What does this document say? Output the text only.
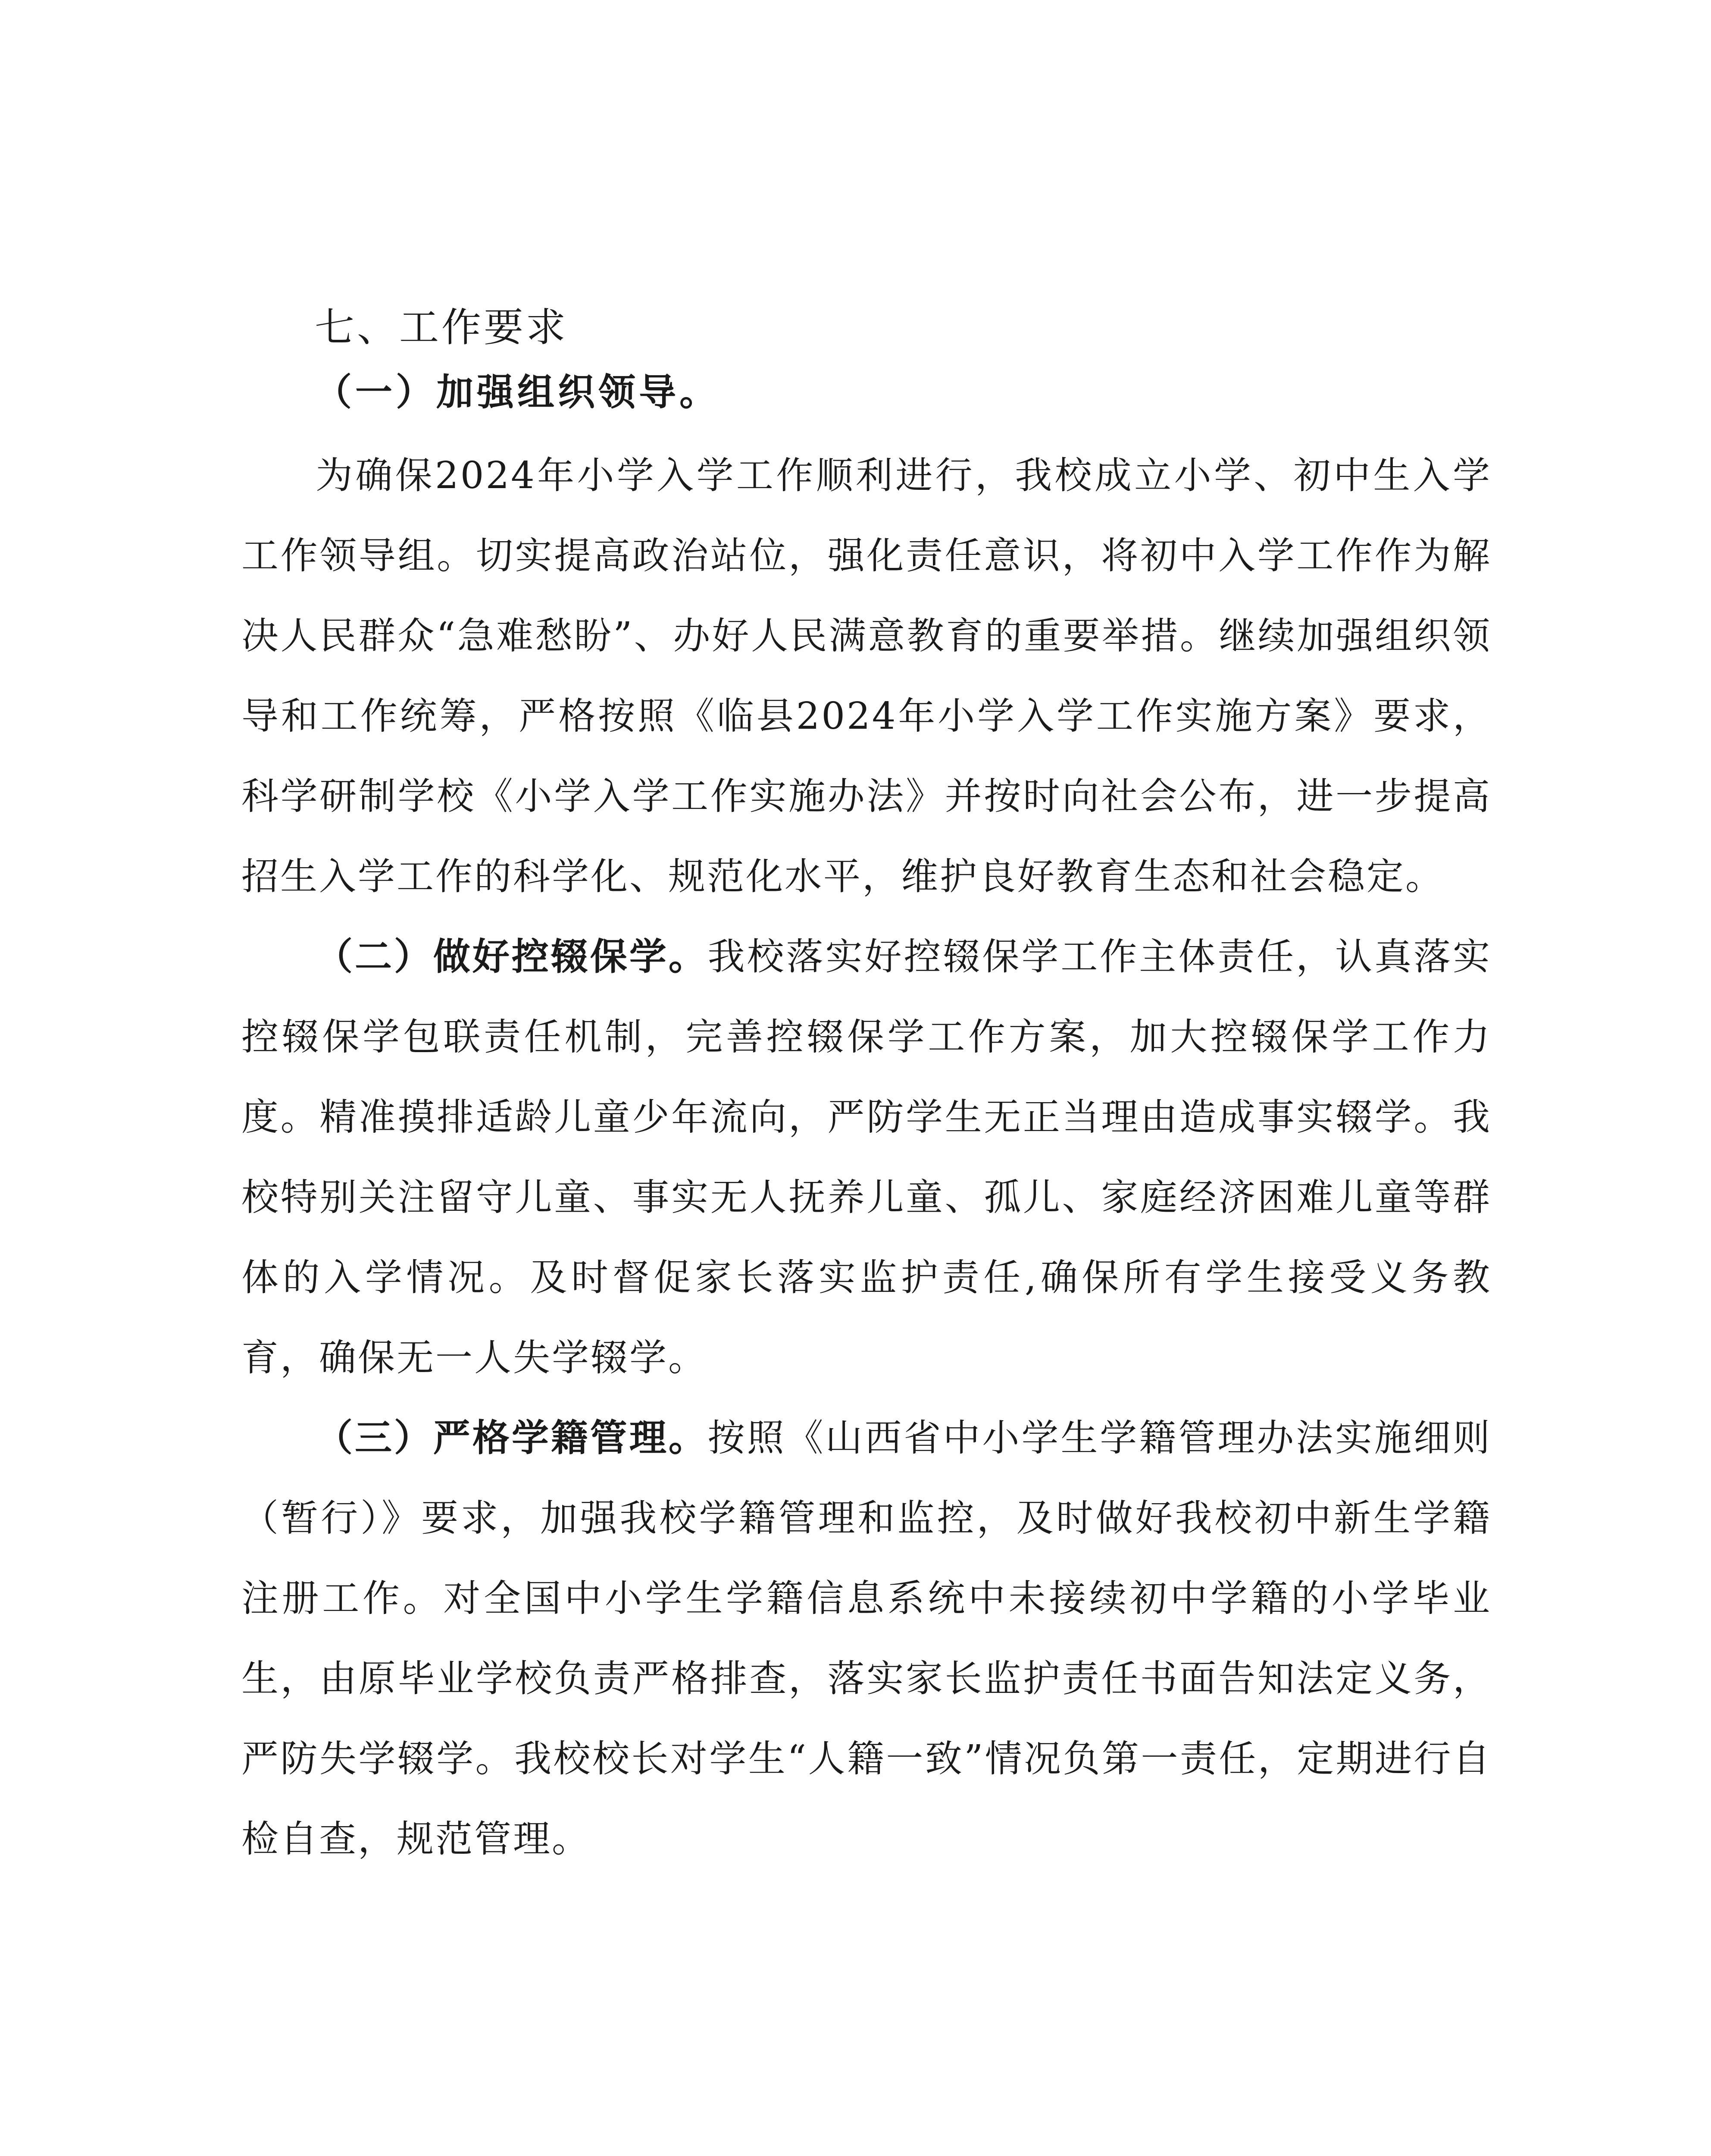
七、工作要求
（一）加强组织领导。

为确保2024年小学入学工作顺利进行，我校成立小学、初中生入学工作领导组。切实提高政治站位，强化责任意识，将初中入学工作作为解决人民群众“急难愁盼”、办好人民满意教育的重要举措。继续加强组织领导和工作统筹，严格按照《临县2024年小学入学工作实施方案》要求，科学研制学校《小学入学工作实施办法》并按时向社会公布，进一步提高招生入学工作的科学化、规范化水平，维护良好教育生态和社会稳定。

（二）做好控辍保学。我校落实好控辍保学工作主体责任，认真落实控辍保学包联责任机制，完善控辍保学工作方案，加大控辍保学工作力度。精准摸排适龄儿童少年流向，严防学生无正当理由造成事实辍学。我校特别关注留守儿童、事实无人抚养儿童、孤儿、家庭经济困难儿童等群体的入学情况。及时督促家长落实监护责任,确保所有学生接受义务教育，确保无一人失学辍学。

（三）严格学籍管理。按照《山西省中小学生学籍管理办法实施细则（暂行）》要求，加强我校学籍管理和监控，及时做好我校初中新生学籍注册工作。对全国中小学生学籍信息系统中未接续初中学籍的小学毕业生，由原毕业学校负责严格排查，落实家长监护责任书面告知法定义务，严防失学辍学。我校校长对学生“人籍一致”情况负第一责任，定期进行自检自查，规范管理。
